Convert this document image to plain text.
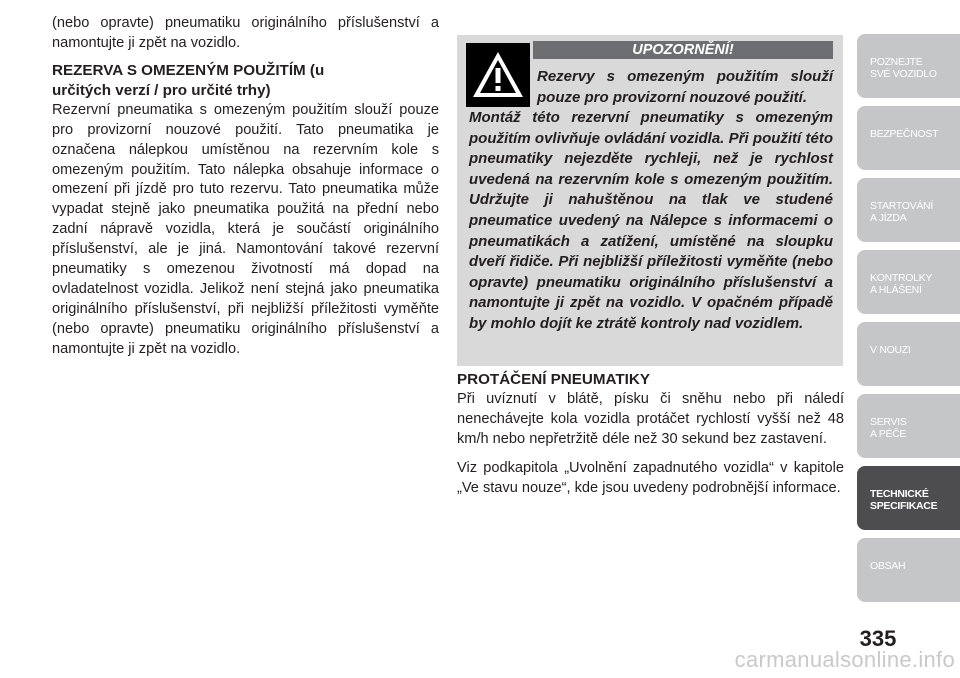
(nebo opravte) pneumatiku originálního příslušenství a namontujte ji zpět na vozidlo.

REZERVA S OMEZENÝM POUŽITÍM (u
určitých verzí / pro určité trhy)

Rezervní pneumatika s omezeným použitím slouží pouze pro provizorní nouzové použití. Tato pneumatika je označena nálepkou umístěnou na rezervním kole s omezeným použitím. Tato nálepka obsahuje informace o omezení při jízdě pro tuto rezervu. Tato pneumatika může vypadat stejně jako pneumatika použitá na přední nebo zadní nápravě vozidla, která je součástí originálního příslušenství, ale je jiná. Namontování takové rezervní pneumatiky s omezenou životností má dopad na ovladatelnost vozidla. Jelikož není stejná jako pneumatika originálního příslušenství, při nejbližší příležitosti vyměňte (nebo opravte) pneumatiku originálního příslušenství a namontujte ji zpět na vozidlo.

UPOZORNĚNÍ!
Rezervy s omezeným použitím slouží pouze pro provizorní nouzové použití.
Montáž této rezervní pneumatiky s omezeným použitím ovlivňuje ovládání vozidla. Při použití této pneumatiky nejezděte rychleji, než je rychlost uvedená na rezervním kole s omezeným použitím. Udržujte ji nahuštěnou na tlak ve studené pneumatice uvedený na Nálepce s informacemi o pneumatikách a zatížení, umístěné na sloupku dveří řidiče. Při nejbližší příležitosti vyměňte (nebo opravte) pneumatiku originálního příslušenství a namontujte ji zpět na vozidlo. V opačném případě by mohlo dojít ke ztrátě kontroly nad vozidlem.
PROTÁČENÍ PNEUMATIKY

Při uvíznutí v blátě, písku či sněhu nebo při náledí nenechávejte kola vozidla protáčet rychlostí vyšší než 48 km/h nebo nepřetržitě déle než 30 sekund bez zastavení.

Viz podkapitola „Uvolnění zapadnutého vozidla“ v kapitole „Ve stavu nouze“, kde jsou uvedeny podrobnější informace.

POZNEJTE
SVÉ VOZIDLO
BEZPEČNOST
STARTOVÁNÍ
A JÍZDA
KONTROLKY
A HLÁŠENÍ
V NOUZI
SERVIS
A PÉČE
TECHNICKÉ
SPECIFIKACE
OBSAH
335
carmanualsonline.info
